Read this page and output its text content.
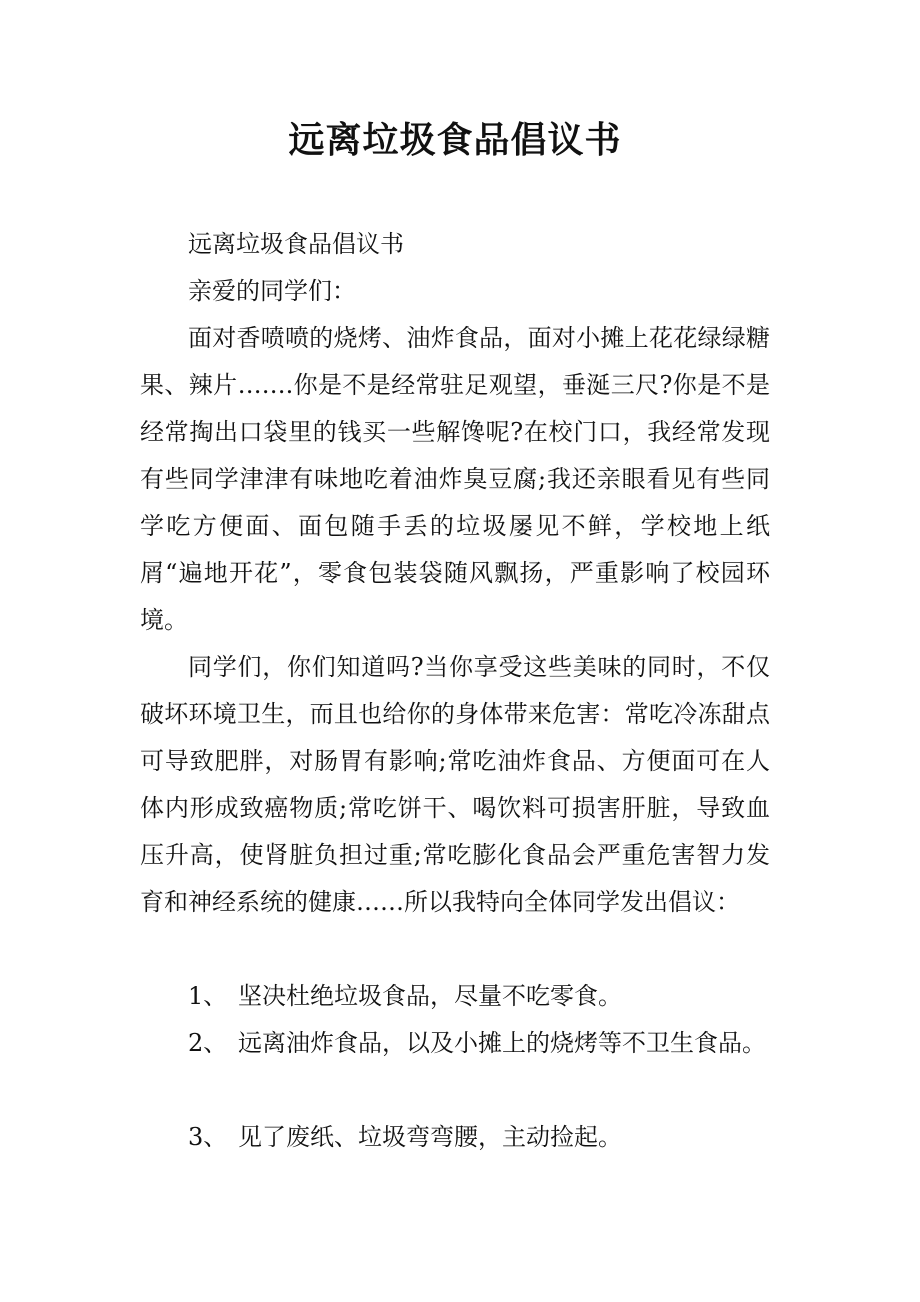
远离垃圾食品倡议书

远离垃圾食品倡议书

亲爱的同学们：

面对香喷喷的烧烤、油炸食品，面对小摊上花花绿绿糖果、辣片…….你是不是经常驻足观望，垂涎三尺?你是不是经常掏出口袋里的钱买一些解馋呢?在校门口，我经常发现有些同学津津有味地吃着油炸臭豆腐;我还亲眼看见有些同学吃方便面、面包随手丢的垃圾屡见不鲜，学校地上纸屑“遍地开花”，零食包装袋随风飘扬，严重影响了校园环境。

同学们，你们知道吗?当你享受这些美味的同时，不仅破坏环境卫生，而且也给你的身体带来危害：常吃冷冻甜点可导致肥胖，对肠胃有影响;常吃油炸食品、方便面可在人体内形成致癌物质;常吃饼干、喝饮料可损害肝脏，导致血压升高，使肾脏负担过重;常吃膨化食品会严重危害智力发育和神经系统的健康……所以我特向全体同学发出倡议：

1、 坚决杜绝垃圾食品，尽量不吃零食。

2、 远离油炸食品，以及小摊上的烧烤等不卫生食品。

3、 见了废纸、垃圾弯弯腰，主动捡起。
